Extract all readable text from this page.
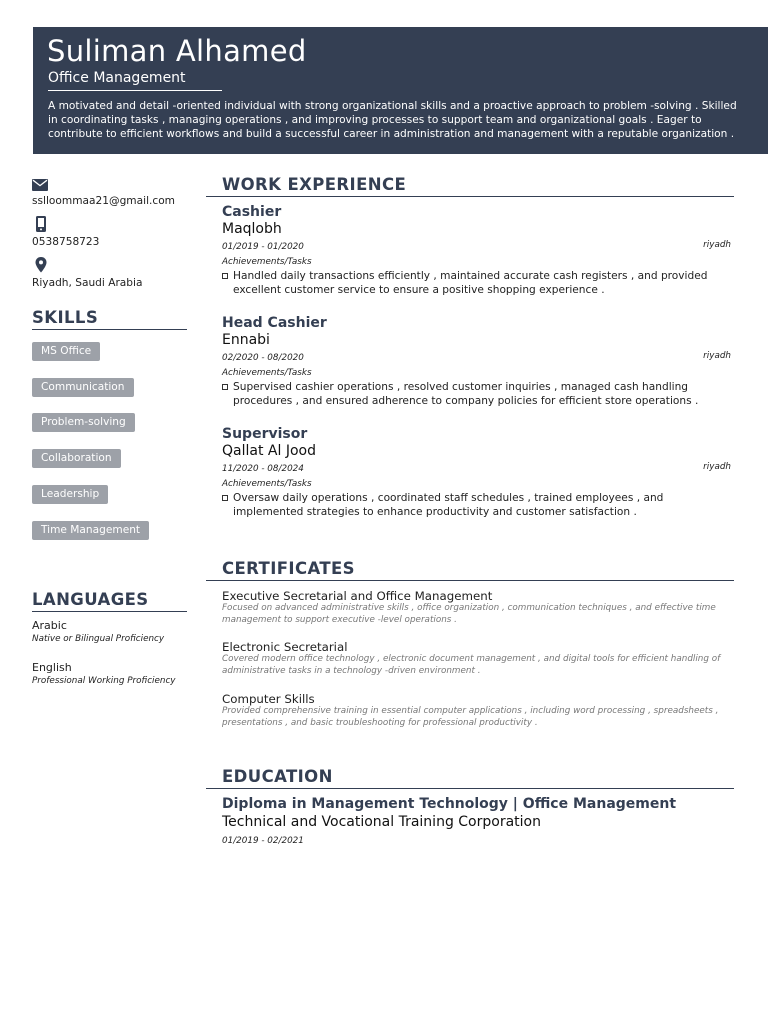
Suliman Alhamed
Office Management
A motivated and detail -oriented individual with strong organizational skills and a proactive approach to problem -solving . Skilled in coordinating tasks , managing operations , and improving processes to support team and organizational goals . Eager to contribute to efficient workflows and build a successful career in administration and management with a reputable organization .
sslloommaa21@gmail.com
0538758723
Riyadh, Saudi Arabia
SKILLS
MS Office
Communication
Problem-solving
Collaboration
Leadership
Time Management
LANGUAGES
Arabic
Native or Bilingual Proficiency
English
Professional Working Proficiency
WORK EXPERIENCE
Cashier
Maqlobh
01/2019 - 01/2020	riyadh
Achievements/Tasks
Handled daily transactions efficiently , maintained accurate cash registers , and provided excellent customer service to ensure a positive shopping experience .
Head Cashier
Ennabi
02/2020 - 08/2020	riyadh
Achievements/Tasks
Supervised cashier operations , resolved customer inquiries , managed cash handling procedures , and ensured adherence to company policies for efficient store operations .
Supervisor
Qallat Al Jood
11/2020 - 08/2024	riyadh
Achievements/Tasks
Oversaw daily operations , coordinated staff schedules , trained employees , and implemented strategies to enhance productivity and customer satisfaction .
CERTIFICATES
Executive Secretarial and Office Management
Focused on advanced administrative skills , office organization , communication techniques , and effective time management to support executive -level operations .
Electronic Secretarial
Covered modern office technology , electronic document management , and digital tools for efficient handling of administrative tasks in a technology -driven environment .
Computer Skills
Provided comprehensive training in essential computer applications , including word processing , spreadsheets , presentations , and basic troubleshooting for professional productivity .
EDUCATION
Diploma in Management Technology | Office Management
Technical and Vocational Training Corporation
01/2019 - 02/2021
